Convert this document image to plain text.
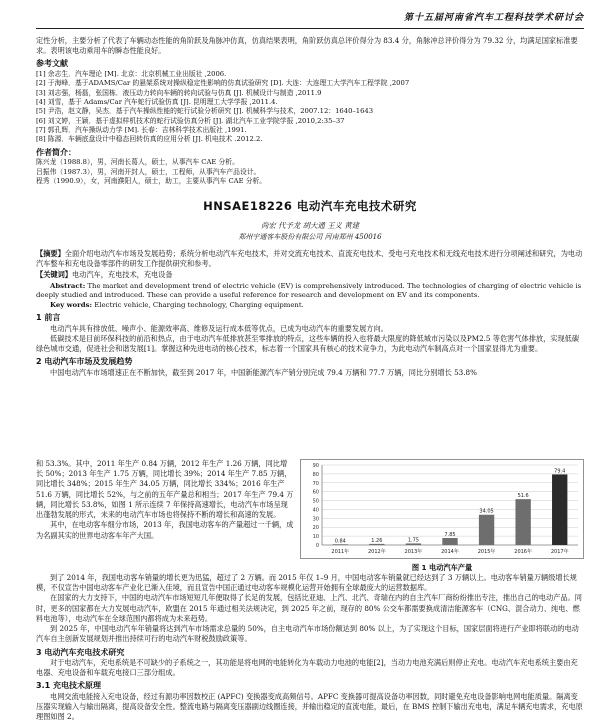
第十五届河南省汽车工程科技学术研讨会

定性分析，主要分析了代表了车辆动态性能的角阶跃及角脉冲仿真，仿真结果表明，角阶跃仿真总评价得分为 83.4 分，角脉冲总评价得分为 79.32 分，均满足国家标准要求。表明该电动乘用车的瞬态性能良好。

参考文献
[1] 余志生．汽车理论 [M]. 北京：北京机械工业出版社 ,2006.
[2] 于海峰．基于ADAMS/Car 的悬架系统对操纵稳定性影响的仿真试验研究 [D]. 大连：大连理工大学汽车工程学院 ,2007
[3] 刘志强，杨磊，张国栋．液压动力转向车辆的转向试验与仿真 [J]. 机械设计与制造 ,2011.9
[4] 刘雪，基于 Adams/Car 汽车蛇行试验仿真 [J]. 昆明理工大学学报 ,2011.4.
[5] 尹浩，赵文静，吴杰．基于汽车操纵性能的蛇行试验分析研究 [J]. 机械科学与技术，2007.12：1640–1643
[6] 刘文婷，王颖．基于虚拟样机技术的蛇行试验仿真分析 [J]. 湖北汽车工业学院学报 ,2010,2:35–37
[7] 郭孔辉．汽车操纵动力学 [M]. 长春：吉林科学技术出版社 ,1991.
[8] 陈源．车辆底盘设计中稳态回转仿真的应用分析 [J]. 机电技术 .2012.2.
作者简介：
陈兴龙（1988.8），男，河南长葛人，硕士，从事汽车 CAE 分析。
吕振伟（1987.3），男，河南开封人，硕士，工程师，从事汽车产品设计。
程秀（1990.9），女，河南濮阳人，硕士，助工，主要从事汽车 CAE 分析。
HNSAE18226 电动汽车充电技术研究
尚宏 代予龙 胡大通 王义 黄建
郑州宇通客车股份有限公司 河南郑州 450016

【摘要】全面介绍电动汽车市场及发展趋势；系统分析电动汽车充电技术，并对交流充电技术、直流充电技术、受电弓充电技术和无线充电技术进行分项阐述和研究，为电动汽车整车和充电设备零部件的研发工作提供研究和参考。

【关键词】电动汽车，充电技术，充电设备

Abstract: The market and development trend of electric vehicle (EV) is comprehensively introduced. The technologies of charging of electric vehicle is deeply studied and introduced. These can provide a useful reference for research and development on EV and its components.

Key words: Electric vehicle, Charging technology, Charging equipment.

1 前言

电动汽车具有排放低、噪声小、能源效率高、维修及运行成本低等优点，已成为电动汽车的重要发展方向。

低碳技术是目前环保科技的前沿和热点，由于电动汽车低排放甚至零排放的特点，这些车辆的投入也将最大限度的降低城市污染以及PM2.5 等危害气体排放，实现低碳绿色城市交通，促进社会和谐发展[1]。掌握这种先进电动的核心技术，标志着一个国家具有核心的技术竞争力，为此电动汽车制高点对一个国家显得尤为重要。

2 电动汽车市场及发展趋势

中国电动汽车市场增速正在不断加快，截至到 2017 年，中国新能源汽车产销分别完成 79.4 万辆和 77.7 万辆，同比分别增长 53.8%

和 53.3%。其中，2011 年生产 0.84 万辆，2012 年生产 1.26 万辆，同比增长 50%；2013 年生产 1.75 万辆，同比增长 39%；2014 年生产 7.85 万辆，同比增长 348%；2015 年生产 34.05 万辆，同比增长 334%；2016 年生产 51.6 万辆，同比增长 52%，与之前的五年产量总和相当；2017 年生产 79.4 万辆，同比增长 53.8%，如图 1 所示连续 7 年保持高速增长，电动汽车市场呈现出蓬勃发展的形式，未来的电动汽车市场也将保持不断的增长和高速的发展。

其中，在电动客车细分市场，2013 年，我国电动客车的产量超过一千辆，成为名副其实的世界电动客车年产大国。

0
10
20
30
40
50
60
70
80
90
0.84	1.26	1.75
7.85
34.05
51.6
79.4
2011年	2012年	2013年	2014年	2015年	2016年	2017年
图 1 电动汽车产量

到了 2014 年，我国电动客车销量的增长更为迅猛，超过了 2 万辆。而 2015 年仅 1–9 月，中国电动客车销量就已经达到了 3 万辆以上。电动客车销量万辆级增长规模，不仅宣告中国电动客车产业化已渐入佳境，而且宣告中国正通过电动客车规模化运营开始拥有全球最庞大的运营数据库。

在国家的大力支持下，中国的电动汽车市场短短几年便取得了长足的发展，包括比亚迪、上汽、北汽、奇瑞在内的自主汽车厂商纷纷推出专注，推出自己的电动产品。同时，更多的国家都在大力发展电动汽车，欧盟在 2015 年通过相关法规决定，到 2025 年之前，现存的 80% 公交车都需要换成清洁能源客车（CNG、混合动力、纯电、燃料电池等），电动汽车在全球范围内都将成为未来趋势。

到 2025 年，中国电动汽车年销量将达到汽车市场需求总量的 50%，自主电动汽车市场份额达到 80% 以上，为了实现这个目标，国家层面将进行产业即将联动的电动汽车自主创新发展规划并推出持续可行的电动汽车财税鼓励政策等。

3 电动汽车充电技术研究

对于电动汽车，充电系统是不可缺少的子系统之一，其功能是将电网的电能转化为车载动力电池的电能[2]，当动力电池充满后则停止充电。电动汽车充电系统主要由充电器、充电设备和车载充电接口三部分组成。

3.1 充电技术原理

电网交流电能接入充电设备，经过有源功率因数校正 (APFC) 变换器变成高频信号。APFC 变换器可提高设备功率因数，同时避免充电设备影响电网电能质量。隔离变压器实现输入与输出隔离，提高设备安全性。整流电路与隔离变压器副边线圈连接，并输出稳定的直流电能，最后，在 BMS 控制下输出充电电，满足车辆充电需求，充电原理图如图 2。
